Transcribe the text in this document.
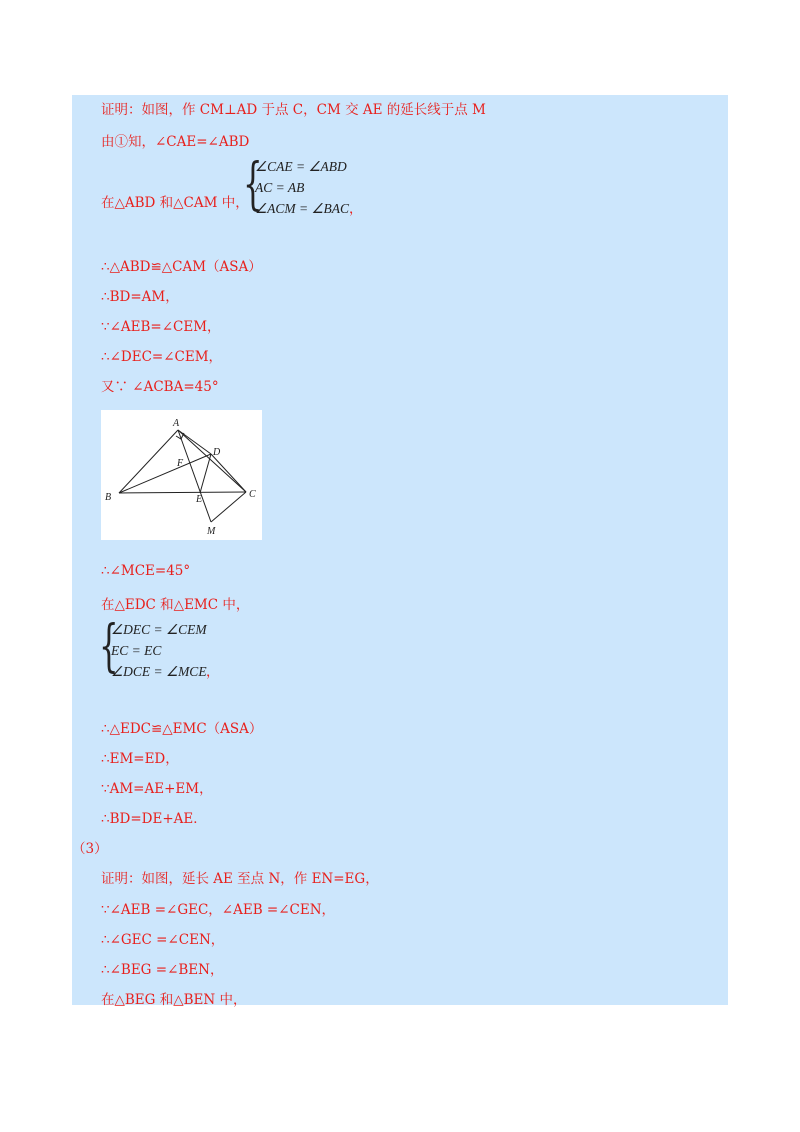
证明：如图，作 CM⊥AD 于点 C，CM 交 AE 的延长线于点 M
由①知，∠CAE=∠ABD
在△ABD 和△CAM 中，
{
∠CAE = ∠ABD
AC = AB
∠ACM = ∠BAC ，
∴△ABD≌△CAM（ASA）
∴BD=AM，
∵∠AEB=∠CEM，
∴∠DEC=∠CEM，
又∵ ∠ACBA=45°
A
B	C
D
E
F
M
∴∠MCE=45°
在△EDC 和△EMC 中，
{
∠DEC = ∠CEM
EC = EC
∠DCE = ∠MCE ，
∴△EDC≌△EMC（ASA）
∴EM=ED，
∵AM=AE+EM，
∴BD=DE+AE．
（3）
证明：如图，延长 AE 至点 N，作 EN=EG，
∵∠AEB =∠GEC，∠AEB =∠CEN，
∴∠GEC =∠CEN，
∴∠BEG =∠BEN，
在△BEG 和△BEN 中，
